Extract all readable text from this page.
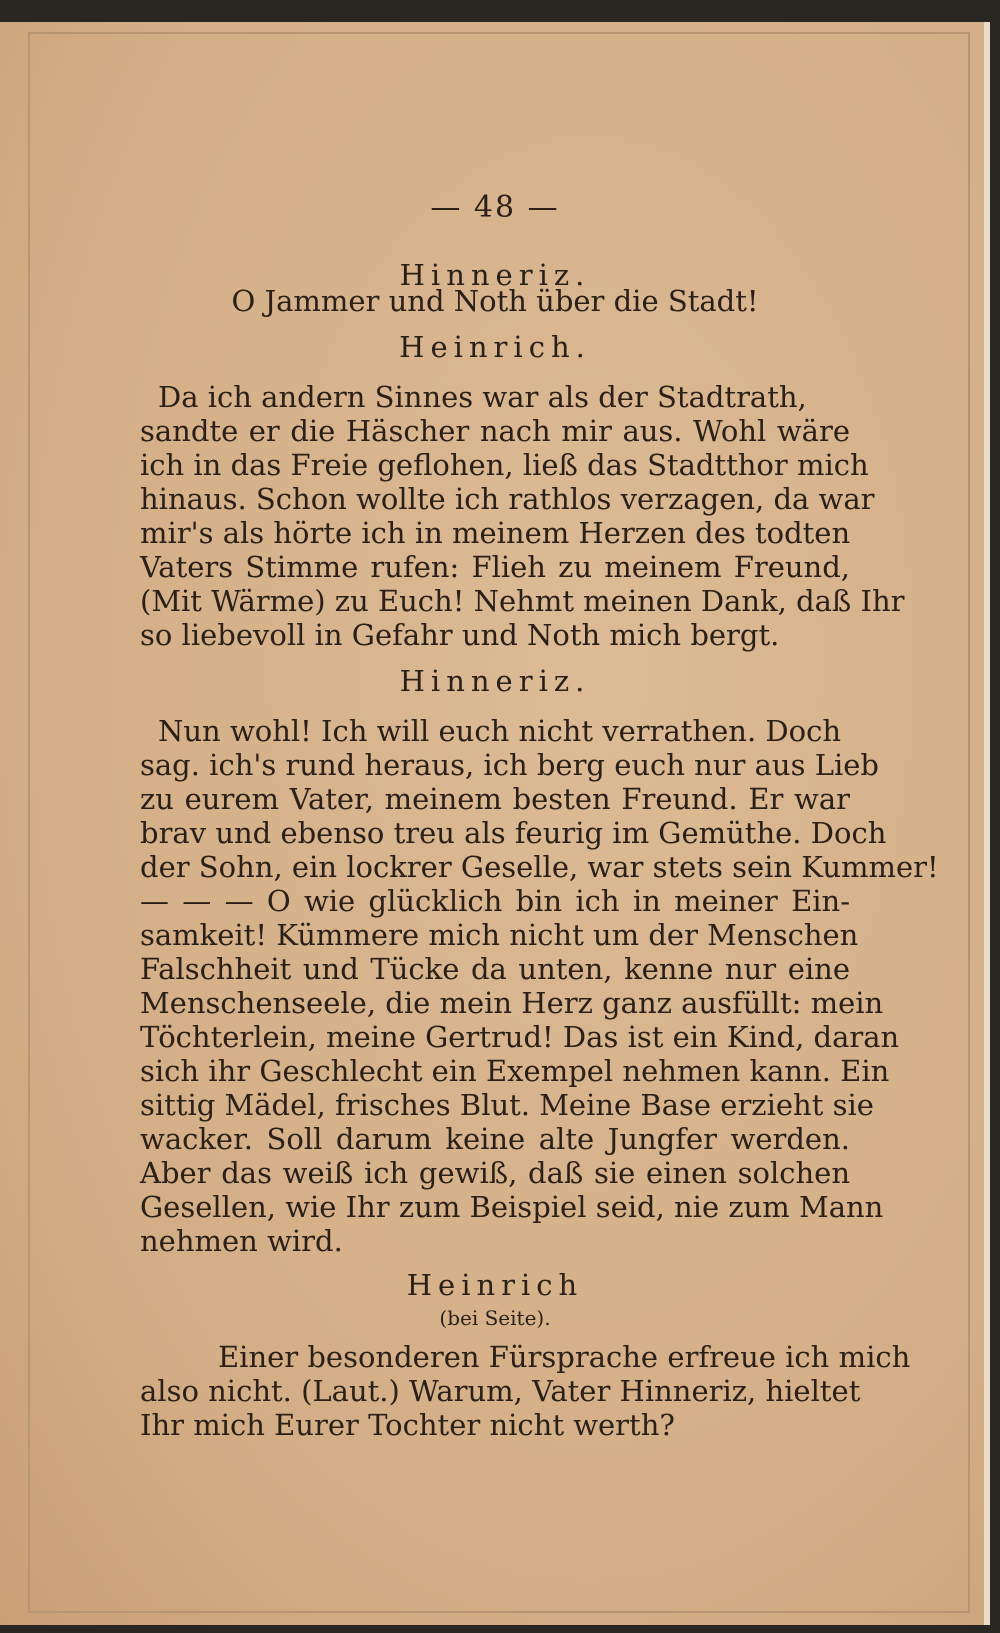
— 48 —
Hinneriz.
O Jammer und Noth über die Stadt!
Heinrich.
Da ich andern Sinnes war als der Stadtrath,
sandte er die Häscher nach mir aus. Wohl wäre
ich in das Freie geflohen, ließ das Stadtthor mich
hinaus. Schon wollte ich rathlos verzagen, da war
mir's als hörte ich in meinem Herzen des todten
Vaters Stimme rufen: Flieh zu meinem Freund,
(Mit Wärme) zu Euch! Nehmt meinen Dank, daß Ihr
so liebevoll in Gefahr und Noth mich bergt.
Hinneriz.
Nun wohl! Ich will euch nicht verrathen. Doch
sag. ich's rund heraus, ich berg euch nur aus Lieb
zu eurem Vater, meinem besten Freund. Er war
brav und ebenso treu als feurig im Gemüthe. Doch
der Sohn, ein lockrer Geselle, war stets sein Kummer!
— — — O wie glücklich bin ich in meiner Ein-
samkeit! Kümmere mich nicht um der Menschen
Falschheit und Tücke da unten, kenne nur eine
Menschenseele, die mein Herz ganz ausfüllt: mein
Töchterlein, meine Gertrud! Das ist ein Kind, daran
sich ihr Geschlecht ein Exempel nehmen kann. Ein
sittig Mädel, frisches Blut. Meine Base erzieht sie
wacker. Soll darum keine alte Jungfer werden.
Aber das weiß ich gewiß, daß sie einen solchen
Gesellen, wie Ihr zum Beispiel seid, nie zum Mann
nehmen wird.
Heinrich
(bei Seite).
Einer besonderen Fürsprache erfreue ich mich
also nicht. (Laut.) Warum, Vater Hinneriz, hieltet
Ihr mich Eurer Tochter nicht werth?
